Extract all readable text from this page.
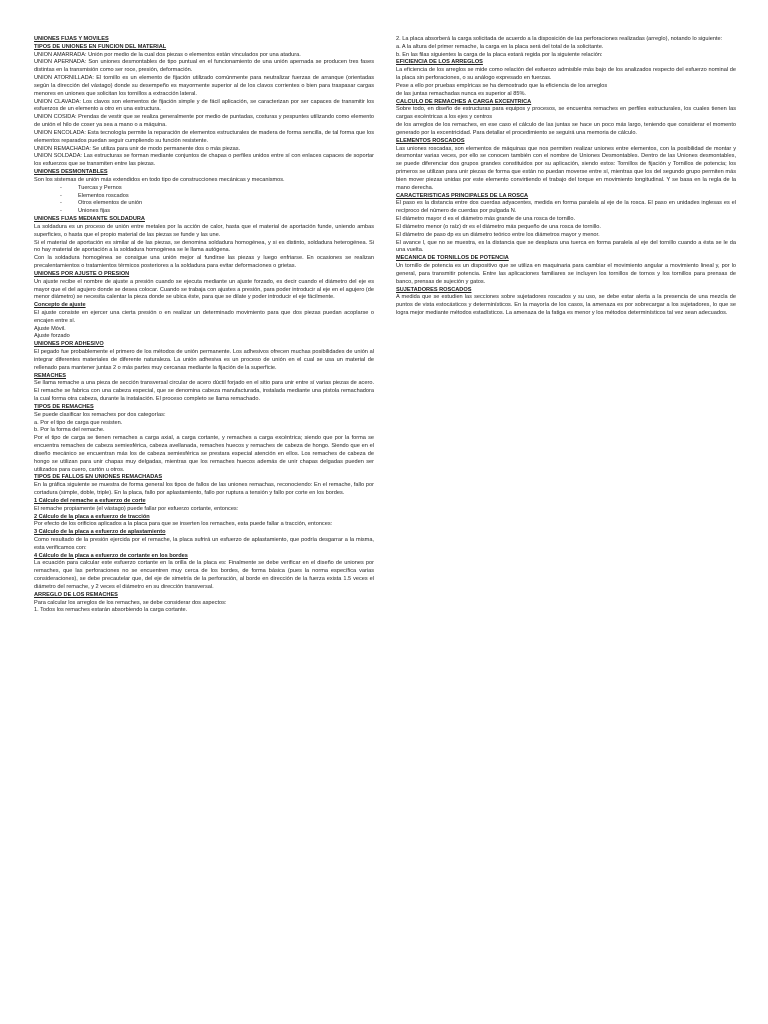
UNIONES FIJAS Y MOVILES

TIPOS DE UNIONES EN FUNCION DEL MATERIAL

UNION AMARRADA: Unión por medio de la cual dos piezas o elementos están vinculados por una atadura.

UNION APERNADA: Son uniones desmontables de tipo puntual en el funcionamiento de una unión apernada se producen tres fases distintas en la transmisión como ser roce, presión, deformación.

UNION ATORNILLADA: El tornillo es un elemento de fijación utilizado comúnmente para neutralizar fuerzas de arranque (orientadas según la dirección del vástago) donde su desempeño es mayormente superior al de los clavos corrientes o bien para traspasar cargas menores en uniones que solicitan los tornillos a extracción lateral.

UNION CLAVADA: Los clavos son elementos de fijación simple y de fácil aplicación, se caracterizan por ser capaces de transmitir los esfuerzos de un elemento a otro en una estructura.

UNION COSIDA: Prendas de vestir que se realiza generalmente por medio de puntadas, costuras y pespuntes utilizando como elemento de unión el hilo de coser ya sea a mano o a máquina.

UNION ENCOLADA: Esta tecnología permite la reparación de elementos estructurales de madera de forma sencilla, de tal forma que los elementos reparados puedan seguir cumpliendo su función resistente.

UNION REMACHADA: Se utiliza para unir de modo permanente dos o más piezas.

UNION SOLDADA: Las estructuras se forman mediante conjuntos de chapas o perfiles unidos entre sí con enlaces capaces de soportar los esfuerzos que se transmiten entre las piezas.

UNIONES DESMONTABLES

Son los sistemas de unión más extendidos en todo tipo de construcciones mecánicas y mecanismos.

- Tuercas y Pernos
- Elementos roscados
- Otros elementos de unión
- Uniones fijas

UNIONES FIJAS MEDIANTE SOLDADURA

La soldadura es un proceso de unión entre metales por la acción de calor, hasta que el material de aportación funde, uniendo ambas superficies, o hasta que el propio material de las piezas se funde y las une.

Si el material de aportación es similar al de las piezas, se denomina soldadura homogénea, y si es distinto, soldadura heterogénea. Si no hay material de aportación a la soldadura homogénea se le llama autógena.

Con la soldadura homogénea se consigue una unión mejor al fundirse las piezas y luego enfriarse. En ocasiones se realizan precalentamientos o tratamientos térmicos posteriores a la soldadura para evitar deformaciones o grietas.

UNIONES POR AJUSTE O PRESION

Un ajuste recibe el nombre de ajuste a presión cuando se ejecuta mediante un ajuste forzado, es decir cuando el diámetro del eje es mayor que el del agujero donde se desea colocar. Cuando se trabaja con ajustes a presión, para poder introducir al eje en el agujero (de menor diámetro) se necesita calentar la pieza donde se ubica éste, para que se dilate y poder introducir el eje fácilmente.

Concepto de ajuste

El ajuste consiste en ejercer una cierta presión o en realizar un determinado movimiento para que dos piezas puedan acoplarse o encajen entre sí.

Ajuste Móvil.

Ajuste forzado

UNIONES POR ADHESIVO

El pegado fue probablemente el primero de los métodos de unión permanente. Los adhesivos ofrecen muchas posibilidades de unión al integrar diferentes materiales de diferente naturaleza. La unión adhesiva es un proceso de unión en el cual se usa un material de rellenado para mantener juntas 2 o más partes muy cercanas mediante la fijación de la superficie.

REMACHES

Se llama remache a una pieza de sección transversal circular de acero dúctil forjado en el sitio para unir entre sí varias piezas de acero. El remache se fabrica con una cabeza especial, que se denomina cabeza manufacturada, instalada mediante una pistola remachadora la cual forma otra cabeza, durante la instalación. El proceso completo se llama remachado.

TIPOS DE REMACHES

Se puede clasificar los remaches por dos categorías:

a. Por el tipo de carga que resisten.

b. Por la forma del remache.

Por el tipo de carga se tienen remaches a carga axial, a carga cortante, y remaches a carga excéntrica; siendo que por la forma se encuentra remaches de cabeza semiesférica, cabeza avellanada, remaches huecos y remaches de cabeza de hongo. Siendo que en el diseño mecánico se encuentran más los de cabeza semiesférica se prestara especial atención en ellos. Los remaches de cabeza de hongo se utilizan para unir chapas muy delgadas, mientras que los remaches huecos además de unir chapas delgadas pueden ser utilizados para cuero, cartón u otros.

TIPOS DE FALLOS EN UNIONES REMACHADAS

En la gráfica siguiente se muestra de forma general los tipos de fallos de las uniones remachas, reconociendo: En el remache, fallo por cortadura (simple, doble, triple). En la placa, fallo por aplastamiento, fallo por ruptura a tensión y fallo por corte en los bordes.

1 Cálculo del remache a esfuerzo de corte

El remache propiamente (el vástago) puede fallar por esfuerzo cortante, entonces:

2 Cálculo de la placa a esfuerzo de tracción

Por efecto de los orificios aplicados a la placa para que se inserten los remaches, esta puede fallar a tracción, entonces:

3 Cálculo de la placa a esfuerzo de aplastamiento

Como resultado de la presión ejercida por el remache, la placa sufrirá un esfuerzo de aplastamiento, que podría desgarrar a la misma, esta verificamos con:

4 Cálculo de la placa a esfuerzo de cortante en los bordes

La ecuación para calcular este esfuerzo cortante en la orilla de la placa es: Finalmente se debe verificar en el diseño de uniones por remaches, que las perforaciones no se encuentren muy cerca de los bordes, de forma básica (pues la norma específica varias consideraciones), se debe precautelar que, del eje de simetría de la perforación, al borde en dirección de la fuerza exista 1.5 veces el diámetro del remache, y 2 veces el diámetro en su dirección transversal.

ARREGLO DE LOS REMACHES

Para calcular los arreglos de los remaches, se debe considerar dos aspectos:

1. Todos los remaches estarán absorbiendo la carga cortante.

2. La placa absorberá la carga solicitada de acuerdo a la disposición de las perforaciones realizadas (arreglo), notando lo siguiente:

a. A la altura del primer remache, la carga en la placa será del total de la solicitante.

b. En las filas siguientes la carga de la placa estará regida por la siguiente relación:

EFICIENCIA DE LOS ARREGLOS

La eficiencia de los arreglos se mide como relación del esfuerzo admisible más bajo de los analizados respecto del esfuerzo nominal de la placa sin perforaciones, o su análogo expresado en fuerzas.

Pese a ello por pruebas empíricas se ha demostrado que la eficiencia de los arreglos

de las juntas remachadas nunca es superior al 85%.

CALCULO DE REMACHES A CARGA EXCENTRICA

Sobre todo, en diseño de estructuras para equipos y procesos, se encuentra remaches en perfiles estructurales, los cuales tienen las cargas excéntricas a los ejes y centros

de los arreglos de los remaches, en ese caso el cálculo de las juntas se hace un poco más largo, teniendo que considerar el momento generado por la excentricidad. Para detallar el procedimiento se seguirá una memoria de cálculo.

ELEMENTOS ROSCADOS

Las uniones roscadas, son elementos de máquinas que nos permiten realizar uniones entre elementos, con la posibilidad de montar y desmontar varias veces, por ello se conocen también con el nombre de Uniones Desmontables. Dentro de las Uniones desmontables, se puede diferenciar dos grupos grandes constituidos por su aplicación, siendo estos: Tornillos de fijación y Tornillos de potencia; los primeros se utilizan para unir piezas de forma que están no puedan moverse entre sí, mientras que los del segundo grupo permiten más bien mover piezas unidas por este elemento convirtiendo el trabajo del torque en movimiento longitudinal. Y se basa en la regla de la mano derecha.

CARACTERISTICAS PRINCIPALES DE LA ROSCA

El paso es la distancia entre dos cuerdas adyacentes, medida en forma paralela al eje de la rosca. El paso en unidades inglesas es el recíproco del número de cuerdas por pulgada N.

El diámetro mayor d es el diámetro más grande de una rosca de tornillo.

El diámetro menor (o raíz) dr es el diámetro más pequeño de una rosca de tornillo.

El diámetro de paso dp es un diámetro teórico entre los diámetros mayor y menor.

El avance l, que no se muestra, es la distancia que se desplaza una tuerca en forma paralela al eje del tornillo cuando a ésta se le da una vuelta.

MECANICA DE TORNILLOS DE POTENCIA

Un tornillo de potencia es un dispositivo que se utiliza en maquinaria para cambiar el movimiento angular a movimiento lineal y, por lo general, para transmitir potencia. Entre las aplicaciones familiares se incluyen los tornillos de tornos y los tornillos para prensas de banco, prensas de sujeción y gatos.

SUJETADORES ROSCADOS

A medida que se estudien las secciones sobre sujetadores roscados y su uso, se debe estar alerta a la presencia de una mezcla de puntos de vista estocásticos y determinísticos. En la mayoría de los casos, la amenaza es por sobrecargar a los sujetadores, lo que se logra mejor mediante métodos estadísticos. La amenaza de la fatiga es menor y los métodos determinísticos tal vez sean adecuados.
